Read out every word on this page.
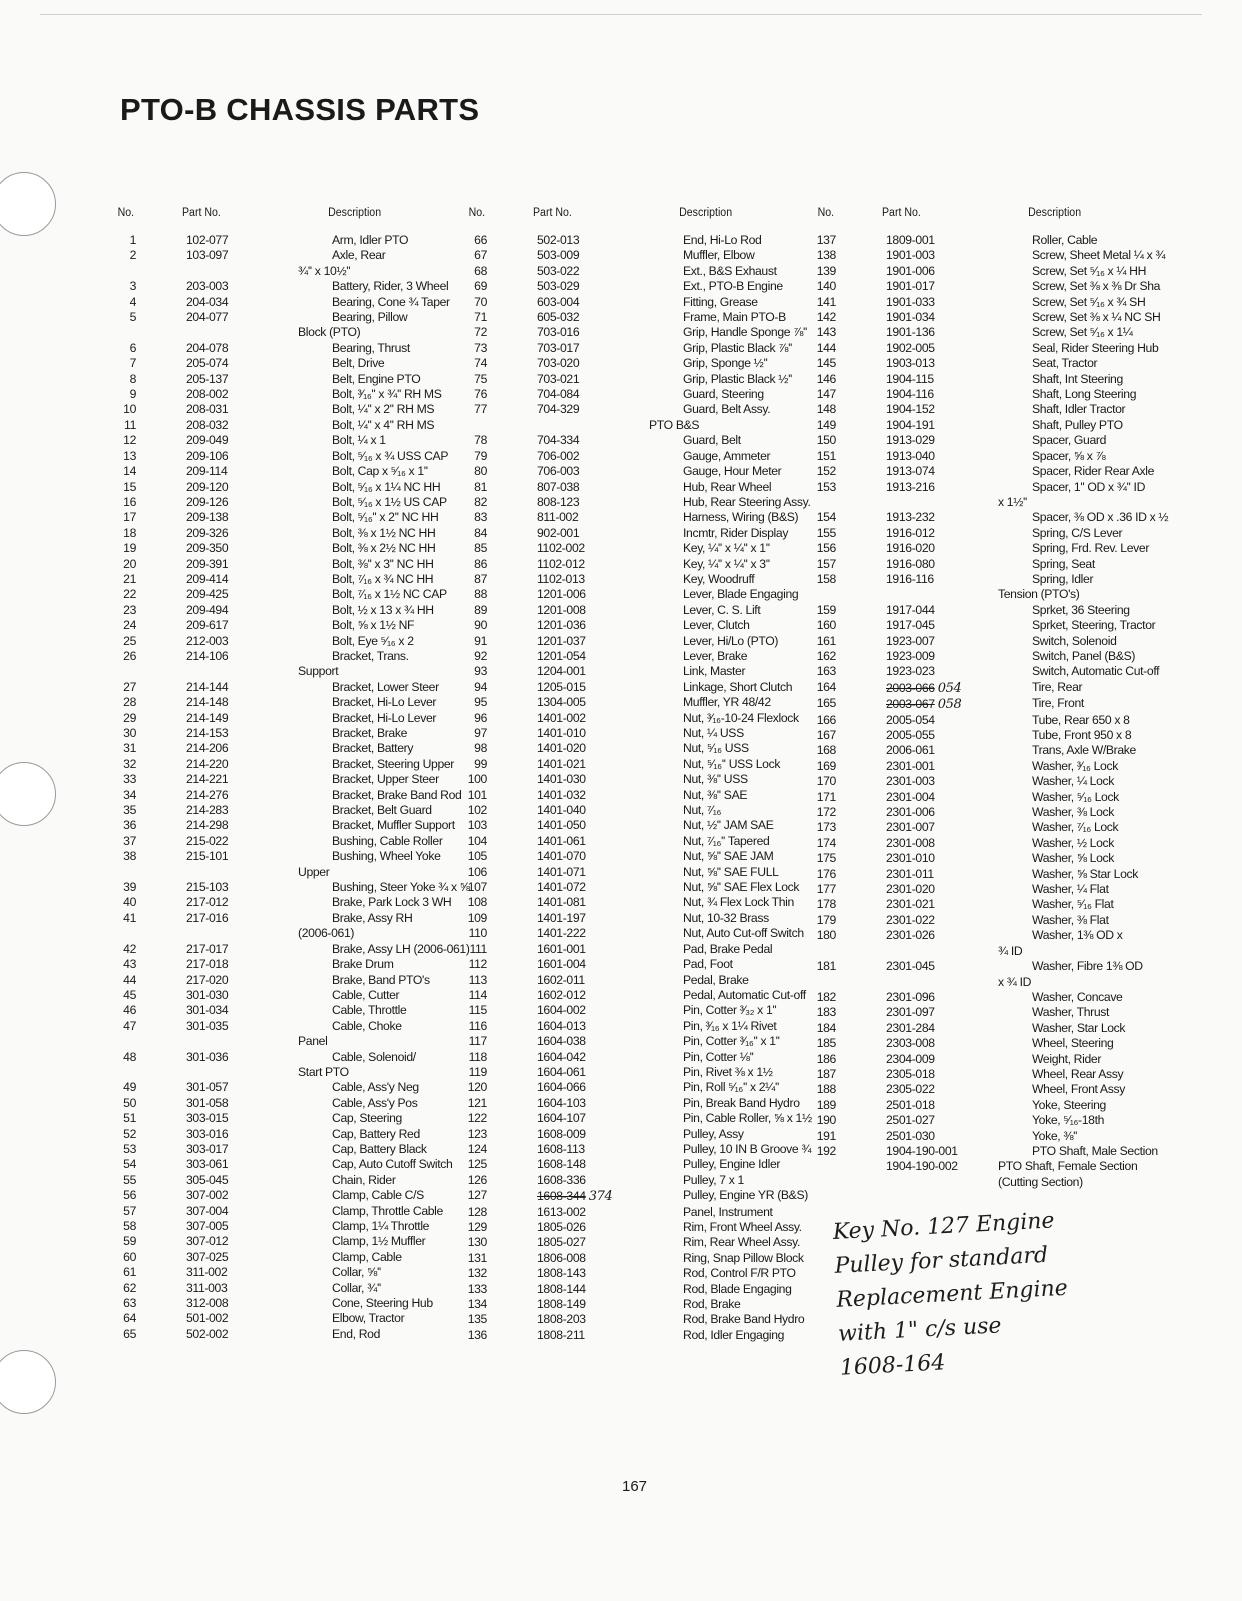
PTO-B CHASSIS PARTS
No.	Part No.	Description
1	102-077	Arm, Idler PTO
2	103-097	Axle, Rear
		¾'' x 10½''
3	203-003	Battery, Rider, 3 Wheel
4	204-034	Bearing, Cone ¾ Taper
5	204-077	Bearing, Pillow
		Block (PTO)
6	204-078	Bearing, Thrust
7	205-074	Belt, Drive
8	205-137	Belt, Engine PTO
9	208-002	Bolt, ³⁄₁₆'' x ¾'' RH MS
10	208-031	Bolt, ¼'' x 2'' RH MS
11	208-032	Bolt, ¼'' x 4'' RH MS
12	209-049	Bolt, ¼ x 1
13	209-106	Bolt, ⁵⁄₁₆ x ¾ USS CAP
14	209-114	Bolt, Cap x ⁵⁄₁₆ x 1''
15	209-120	Bolt, ⁵⁄₁₆ x 1¼ NC HH
16	209-126	Bolt, ⁵⁄₁₆ x 1½ US CAP
17	209-138	Bolt, ⁵⁄₁₆'' x 2'' NC HH
18	209-326	Bolt, ⅜ x 1½ NC HH
19	209-350	Bolt, ⅜ x 2½ NC HH
20	209-391	Bolt, ⅜'' x 3'' NC HH
21	209-414	Bolt, ⁷⁄₁₆ x ¾ NC HH
22	209-425	Bolt, ⁷⁄₁₆ x 1½ NC CAP
23	209-494	Bolt, ½ x 13 x ¾ HH
24	209-617	Bolt, ⅝ x 1½ NF
25	212-003	Bolt, Eye ⁵⁄₁₆ x 2
26	214-106	Bracket, Trans.
		Support
27	214-144	Bracket, Lower Steer
28	214-148	Bracket, Hi-Lo Lever
29	214-149	Bracket, Hi-Lo Lever
30	214-153	Bracket, Brake
31	214-206	Bracket, Battery
32	214-220	Bracket, Steering Upper
33	214-221	Bracket, Upper Steer
34	214-276	Bracket, Brake Band Rod
35	214-283	Bracket, Belt Guard
36	214-298	Bracket, Muffler Support
37	215-022	Bushing, Cable Roller
38	215-101	Bushing, Wheel Yoke
		Upper
39	215-103	Bushing, Steer Yoke ¾ x ⅝
40	217-012	Brake, Park Lock 3 WH
41	217-016	Brake, Assy RH
		(2006-061)
42	217-017	Brake, Assy LH (2006-061)
43	217-018	Brake Drum
44	217-020	Brake, Band PTO's
45	301-030	Cable, Cutter
46	301-034	Cable, Throttle
47	301-035	Cable, Choke
		Panel
48	301-036	Cable, Solenoid/
		Start PTO
49	301-057	Cable, Ass'y Neg
50	301-058	Cable, Ass'y Pos
51	303-015	Cap, Steering
52	303-016	Cap, Battery Red
53	303-017	Cap, Battery Black
54	303-061	Cap, Auto Cutoff Switch
55	305-045	Chain, Rider
56	307-002	Clamp, Cable C/S
57	307-004	Clamp, Throttle Cable
58	307-005	Clamp, 1¼ Throttle
59	307-012	Clamp, 1½ Muffler
60	307-025	Clamp, Cable
61	311-002	Collar, ⅝''
62	311-003	Collar, ¾''
63	312-008	Cone, Steering Hub
64	501-002	Elbow, Tractor
65	502-002	End, Rod
No.	Part No.	Description
66	502-013	End, Hi-Lo Rod
67	503-009	Muffler, Elbow
68	503-022	Ext., B&S Exhaust
69	503-029	Ext., PTO-B Engine
70	603-004	Fitting, Grease
71	605-032	Frame, Main PTO-B
72	703-016	Grip, Handle Sponge ⅞''
73	703-017	Grip, Plastic Black ⅞''
74	703-020	Grip, Sponge ½''
75	703-021	Grip, Plastic Black ½''
76	704-084	Guard, Steering
77	704-329	Guard, Belt Assy.
		PTO B&S
78	704-334	Guard, Belt
79	706-002	Gauge, Ammeter
80	706-003	Gauge, Hour Meter
81	807-038	Hub, Rear Wheel
82	808-123	Hub, Rear Steering Assy.
83	811-002	Harness, Wiring (B&S)
84	902-001	Incmtr, Rider Display
85	1102-002	Key, ¼'' x ¼'' x 1''
86	1102-012	Key, ¼'' x ¼'' x 3''
87	1102-013	Key, Woodruff
88	1201-006	Lever, Blade Engaging
89	1201-008	Lever, C. S. Lift
90	1201-036	Lever, Clutch
91	1201-037	Lever, Hi/Lo (PTO)
92	1201-054	Lever, Brake
93	1204-001	Link, Master
94	1205-015	Linkage, Short Clutch
95	1304-005	Muffler, YR 48/42
96	1401-002	Nut, ³⁄₁₆-10-24 Flexlock
97	1401-010	Nut, ¼ USS
98	1401-020	Nut, ⁵⁄₁₆ USS
99	1401-021	Nut, ⁵⁄₁₆'' USS Lock
100	1401-030	Nut, ⅜'' USS
101	1401-032	Nut, ⅜'' SAE
102	1401-040	Nut, ⁷⁄₁₆
103	1401-050	Nut, ½'' JAM SAE
104	1401-061	Nut, ⁷⁄₁₆'' Tapered
105	1401-070	Nut, ⅝'' SAE JAM
106	1401-071	Nut, ⅝'' SAE FULL
107	1401-072	Nut, ⅝'' SAE Flex Lock
108	1401-081	Nut, ¾ Flex Lock Thin
109	1401-197	Nut, 10-32 Brass
110	1401-222	Nut, Auto Cut-off Switch
111	1601-001	Pad, Brake Pedal
112	1601-004	Pad, Foot
113	1602-011	Pedal, Brake
114	1602-012	Pedal, Automatic Cut-off
115	1604-002	Pin, Cotter ³⁄₃₂ x 1''
116	1604-013	Pin, ³⁄₁₆ x 1¼ Rivet
117	1604-038	Pin, Cotter ³⁄₁₆'' x 1''
118	1604-042	Pin, Cotter ⅛''
119	1604-061	Pin, Rivet ⅜ x 1½
120	1604-066	Pin, Roll ⁵⁄₁₆'' x 2¼''
121	1604-103	Pin, Break Band Hydro
122	1604-107	Pin, Cable Roller, ⅝ x 1½
123	1608-009	Pulley, Assy
124	1608-113	Pulley, 10 IN B Groove ¾
125	1608-148	Pulley, Engine Idler
126	1608-336	Pulley, 7 x 1
127	1608-344 374	Pulley, Engine YR (B&S)
128	1613-002	Panel, Instrument
129	1805-026	Rim, Front Wheel Assy.
130	1805-027	Rim, Rear Wheel Assy.
131	1806-008	Ring, Snap Pillow Block
132	1808-143	Rod, Control F/R PTO
133	1808-144	Rod, Blade Engaging
134	1808-149	Rod, Brake
135	1808-203	Rod, Brake Band Hydro
136	1808-211	Rod, Idler Engaging
No.	Part No.	Description
137	1809-001	Roller, Cable
138	1901-003	Screw, Sheet Metal ¼ x ¾
139	1901-006	Screw, Set ⁵⁄₁₆ x ¼ HH
140	1901-017	Screw, Set ⅜ x ⅜ Dr Sha
141	1901-033	Screw, Set ⁵⁄₁₆ x ¾ SH
142	1901-034	Screw, Set ⅜ x ¼ NC SH
143	1901-136	Screw, Set ⁵⁄₁₆ x 1¼
144	1902-005	Seal, Rider Steering Hub
145	1903-013	Seat, Tractor
146	1904-115	Shaft, Int Steering
147	1904-116	Shaft, Long Steering
148	1904-152	Shaft, Idler Tractor
149	1904-191	Shaft, Pulley PTO
150	1913-029	Spacer, Guard
151	1913-040	Spacer, ⅝ x ⅞
152	1913-074	Spacer, Rider Rear Axle
153	1913-216	Spacer, 1'' OD x ¾'' ID
		x 1½''
154	1913-232	Spacer, ⅜ OD x .36 ID x ½
155	1916-012	Spring, C/S Lever
156	1916-020	Spring, Frd. Rev. Lever
157	1916-080	Spring, Seat
158	1916-116	Spring, Idler
		Tension (PTO's)
159	1917-044	Sprket, 36 Steering
160	1917-045	Sprket, Steering, Tractor
161	1923-007	Switch, Solenoid
162	1923-009	Switch, Panel (B&S)
163	1923-023	Switch, Automatic Cut-off
164	2003-066 054	Tire, Rear
165	2003-067 058	Tire, Front
166	2005-054	Tube, Rear 650 x 8
167	2005-055	Tube, Front 950 x 8
168	2006-061	Trans, Axle W/Brake
169	2301-001	Washer, ³⁄₁₆ Lock
170	2301-003	Washer, ¼ Lock
171	2301-004	Washer, ⁵⁄₁₆ Lock
172	2301-006	Washer, ⅜ Lock
173	2301-007	Washer, ⁷⁄₁₆ Lock
174	2301-008	Washer, ½ Lock
175	2301-010	Washer, ⅝ Lock
176	2301-011	Washer, ⅝ Star Lock
177	2301-020	Washer, ¼ Flat
178	2301-021	Washer, ⁵⁄₁₆ Flat
179	2301-022	Washer, ⅜ Flat
180	2301-026	Washer, 1⅜ OD x
		¾ ID
181	2301-045	Washer, Fibre 1⅜ OD
		x ¾ ID
182	2301-096	Washer, Concave
183	2301-097	Washer, Thrust
184	2301-284	Washer, Star Lock
185	2303-008	Wheel, Steering
186	2304-009	Weight, Rider
187	2305-018	Wheel, Rear Assy
188	2305-022	Wheel, Front Assy
189	2501-018	Yoke, Steering
190	2501-027	Yoke, ⁵⁄₁₆-18th
191	2501-030	Yoke, ⅜''
192	1904-190-001	PTO Shaft, Male Section
	1904-190-002	PTO Shaft, Female Section
		(Cutting Section)
Key No. 127 Engine
Pulley for standard
Replacement Engine
with 1" c/s use
1608-164
167
